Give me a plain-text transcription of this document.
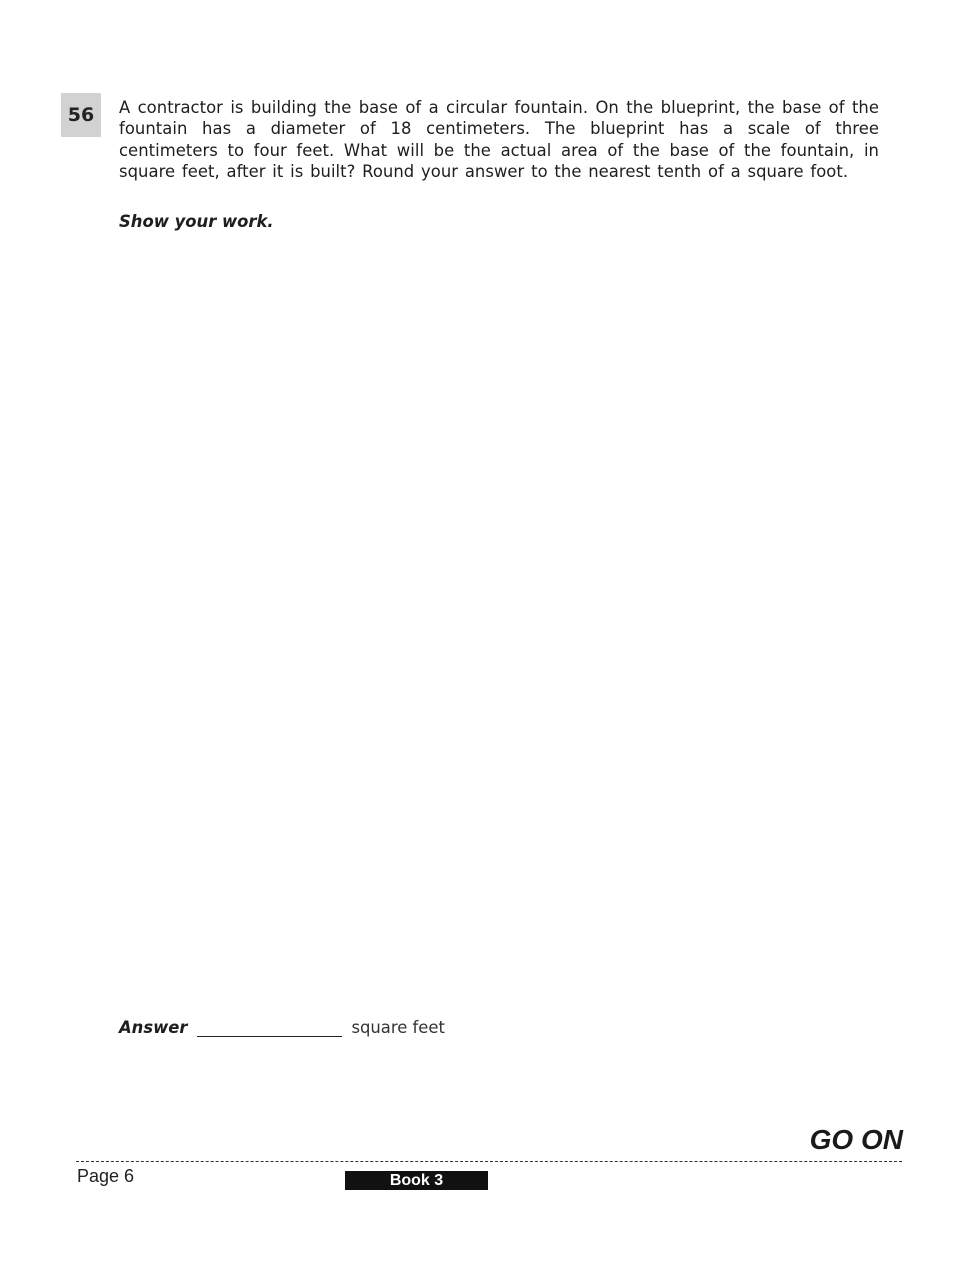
56	A contractor is building the base of a circular fountain. On the blueprint, the base of the fountain has a diameter of 18 centimeters. The blueprint has a scale of three centimeters to four feet. What will be the actual area of the base of the fountain, in square feet, after it is built? Round your answer to the nearest tenth of a square foot.

Show your work.
Answer	square feet
GO ON
Page 6	Book 3
